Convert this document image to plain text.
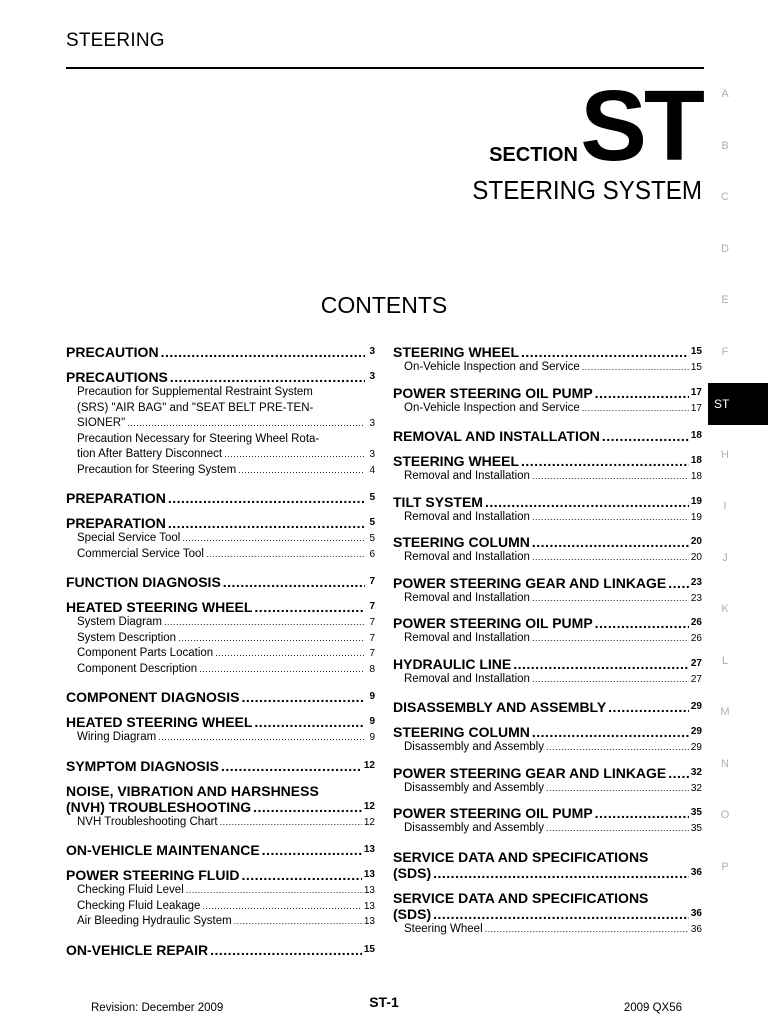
STEERING
ST
SECTION
STEERING SYSTEM
CONTENTS
PRECAUTION .....	3
PRECAUTIONS .....	3
Precaution for Supplemental Restraint System
(SRS) "AIR BAG" and "SEAT BELT PRE-TEN-
SIONER" .....	3
Precaution Necessary for Steering Wheel Rota-
tion After Battery Disconnect .....	3
Precaution for Steering System .....	4
PREPARATION .....	5
PREPARATION .....	5
Special Service Tool .....	5
Commercial Service Tool .....	6
FUNCTION DIAGNOSIS .....	7
HEATED STEERING WHEEL .....	7
System Diagram .....	7
System Description .....	7
Component Parts Location .....	7
Component Description .....	8
COMPONENT DIAGNOSIS .....	9
HEATED STEERING WHEEL .....	9
Wiring Diagram .....	9
SYMPTOM DIAGNOSIS .....	12
NOISE, VIBRATION AND HARSHNESS
(NVH) TROUBLESHOOTING .....	12
NVH Troubleshooting Chart .....	12
ON-VEHICLE MAINTENANCE .....	13
POWER STEERING FLUID .....	13
Checking Fluid Level .....	13
Checking Fluid Leakage .....	13
Air Bleeding Hydraulic System .....	13
ON-VEHICLE REPAIR .....	15
STEERING WHEEL .....	15
On-Vehicle Inspection and Service .....	15
POWER STEERING OIL PUMP .....	17
On-Vehicle Inspection and Service .....	17
REMOVAL AND INSTALLATION .....	18
STEERING WHEEL .....	18
Removal and Installation .....	18
TILT SYSTEM .....	19
Removal and Installation .....	19
STEERING COLUMN .....	20
Removal and Installation .....	20
POWER STEERING GEAR AND LINKAGE ..... 23
Removal and Installation .....	23
POWER STEERING OIL PUMP .....	26
Removal and Installation .....	26
HYDRAULIC LINE .....	27
Removal and Installation .....	27
DISASSEMBLY AND ASSEMBLY .....	29
STEERING COLUMN .....	29
Disassembly and Assembly .....	29
POWER STEERING GEAR AND LINKAGE ..... 32
Disassembly and Assembly .....	32
POWER STEERING OIL PUMP .....	35
Disassembly and Assembly .....	35
SERVICE DATA AND SPECIFICATIONS
(SDS) .....	36
SERVICE DATA AND SPECIFICATIONS
(SDS) .....	36
Steering Wheel .....	36
A
B
C
D
E
F
ST
H
I
J
K
L
M
N
O
P
Revision: December 2009	ST-1	2009 QX56
